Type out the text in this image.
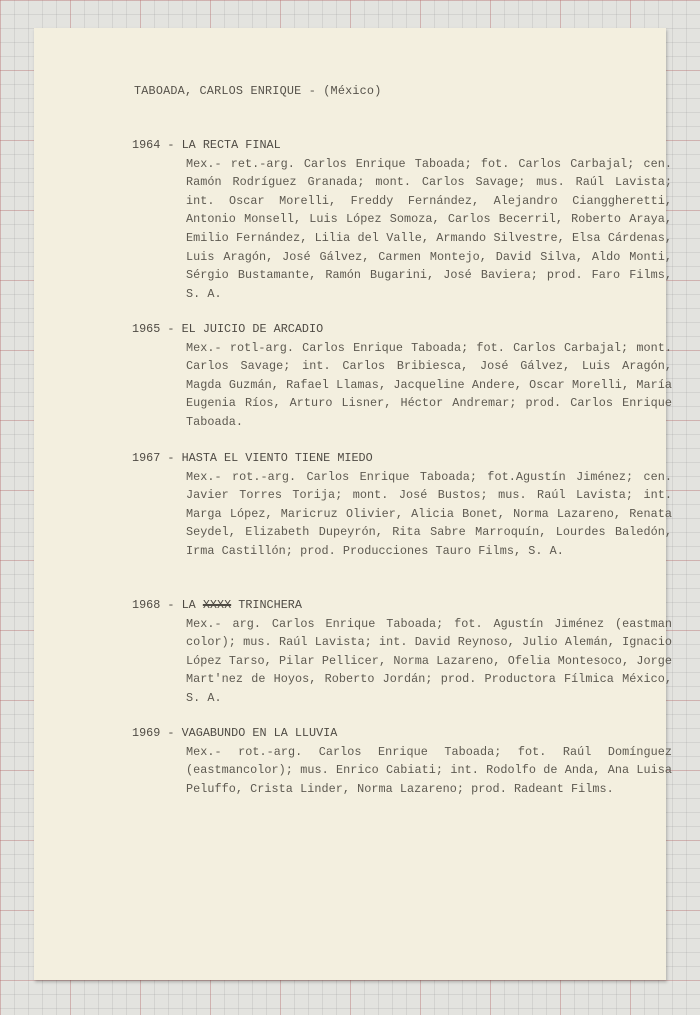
TABOADA, CARLOS ENRIQUE - (México)
1964 - LA RECTA FINAL
Mex.- ret.-arg. Carlos Enrique Taboada; fot. Carlos Carbajal; cen. Ramón Rodríguez Granada; mont. Carlos Savage; mus. Raúl Lavista; int. Oscar Morelli, Freddy Fernández, Alejandro Cianggheretti, Antonio Monsell, Luis López Somoza, Carlos Becerril, Roberto Araya, Emilio Fernández, Lilia del Valle, Armando Silvestre, Elsa Cárdenas, Luis Aragón, José Gálvez, Carmen Montejo, David Silva, Aldo Monti, Sérgio Bustamante, Ramón Bugarini, José Baviera; prod. Faro Films, S. A.
1965 - EL JUICIO DE ARCADIO
Mex.- rotl-arg. Carlos Enrique Taboada; fot. Carlos Carbajal; mont. Carlos Savage; int. Carlos Bribiesca, José Gálvez, Luis Aragón, Magda Guzmán, Rafael Llamas, Jacqueline Andere, Oscar Morelli, María Eugenia Ríos, Arturo Lisner, Héctor Andremar; prod. Carlos Enrique Taboada.
1967 - HASTA EL VIENTO TIENE MIEDO
Mex.- rot.-arg. Carlos Enrique Taboada; fot.Agustín Jiménez; cen. Javier Torres Torija; mont. José Bustos; mus. Raúl Lavista; int. Marga López, Maricruz Olivier, Alicia Bonet, Norma Lazareno, Renata Seydel, Elizabeth Dupeyrón, Rita Sabre Marroquín, Lourdes Baledón, Irma Castillón; prod. Producciones Tauro Films, S. A.
1968 - LA XXXX TRINCHERA
Mex.- arg. Carlos Enrique Taboada; fot. Agustín Jiménez (eastman color); mus. Raúl Lavista; int. David Reynoso, Julio Alemán, Ignacio López Tarso, Pilar Pellicer, Norma Lazareno, Ofelia Montesoco, Jorge Mart'nez de Hoyos, Roberto Jordán; prod. Productora Fílmica México, S. A.
1969 - VAGABUNDO EN LA LLUVIA
Mex.- rot.-arg. Carlos Enrique Taboada; fot. Raúl Domínguez (eastmancolor); mus. Enrico Cabiati; int. Rodolfo de Anda, Ana Luisa Peluffo, Crista Linder, Norma Lazareno; prod. Radeant Films.
